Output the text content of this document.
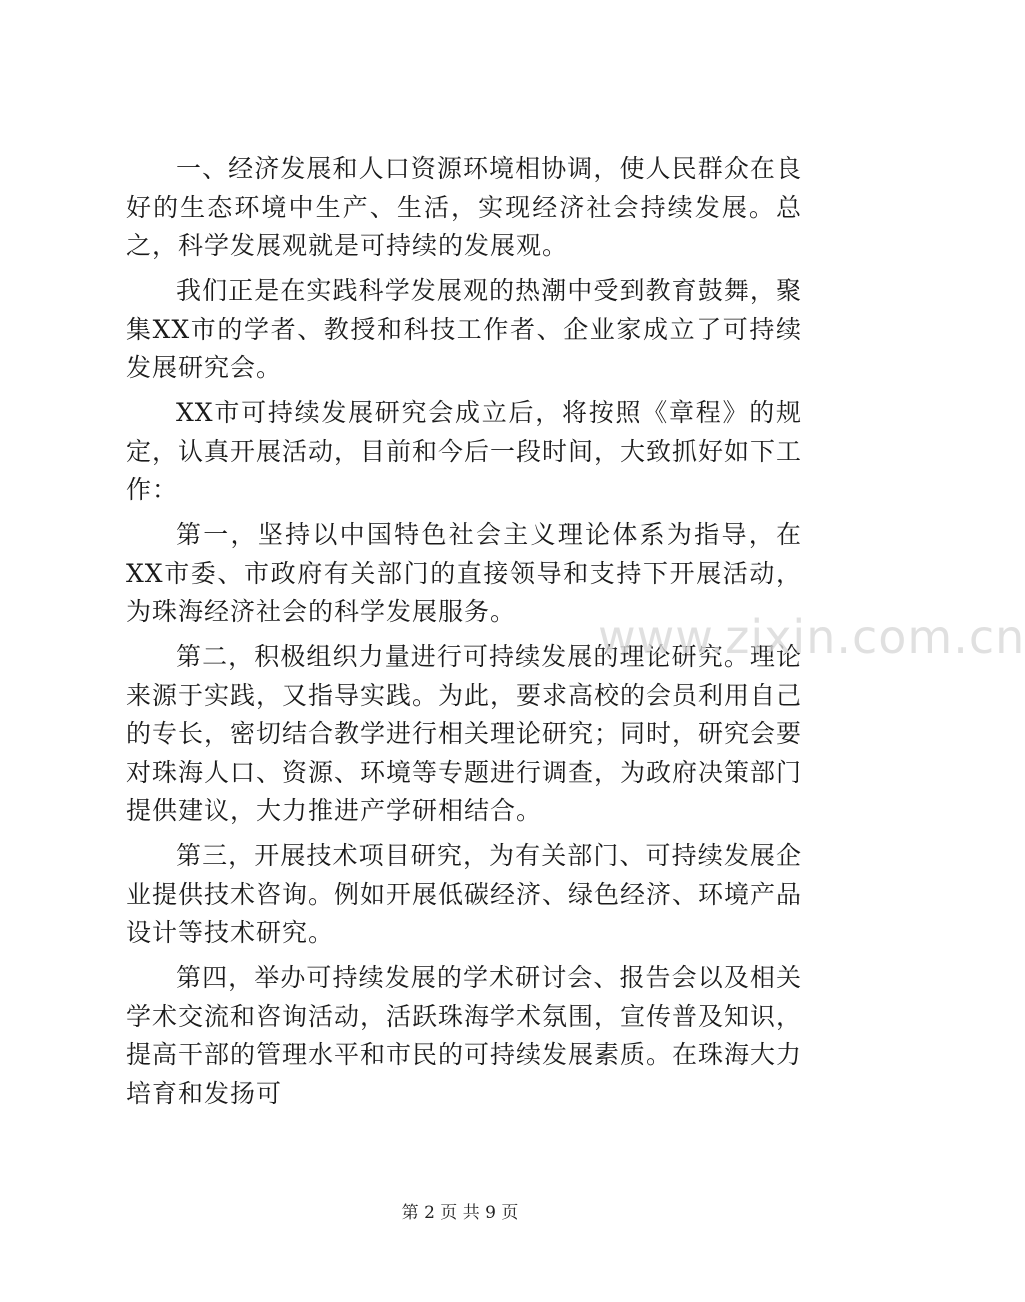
一、经济发展和人口资源环境相协调，使人民群众在良好的生态环境中生产、生活，实现经济社会持续发展。总之，科学发展观就是可持续的发展观。

我们正是在实践科学发展观的热潮中受到教育鼓舞，聚集XX市的学者、教授和科技工作者、企业家成立了可持续发展研究会。

XX市可持续发展研究会成立后，将按照《章程》的规定，认真开展活动，目前和今后一段时间，大致抓好如下工作：

第一，坚持以中国特色社会主义理论体系为指导，在XX市委、市政府有关部门的直接领导和支持下开展活动，为珠海经济社会的科学发展服务。

第二，积极组织力量进行可持续发展的理论研究。理论来源于实践，又指导实践。为此，要求高校的会员利用自己的专长，密切结合教学进行相关理论研究；同时，研究会要对珠海人口、资源、环境等专题进行调查，为政府决策部门提供建议，大力推进产学研相结合。

第三，开展技术项目研究，为有关部门、可持续发展企业提供技术咨询。例如开展低碳经济、绿色经济、环境产品设计等技术研究。

第四，举办可持续发展的学术研讨会、报告会以及相关学术交流和咨询活动，活跃珠海学术氛围，宣传普及知识，提高干部的管理水平和市民的可持续发展素质。在珠海大力培育和发扬可

www.zixin.com.cn
第 2 页 共 9 页
